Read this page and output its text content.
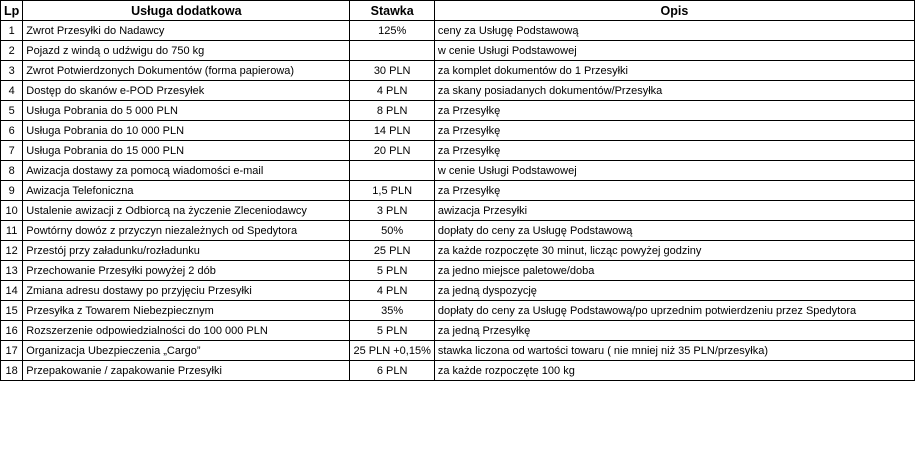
Lp	Usługa dodatkowa	Stawka	Opis
1	Zwrot Przesyłki do Nadawcy	125%	ceny za Usługę Podstawową
2	Pojazd z windą o udźwigu do 750 kg		w cenie Usługi Podstawowej
3	Zwrot Potwierdzonych Dokumentów (forma papierowa)	30 PLN	za komplet dokumentów do 1 Przesyłki
4	Dostęp do skanów e-POD Przesyłek	4 PLN	za skany posiadanych dokumentów/Przesyłka
5	Usługa Pobrania do 5 000 PLN	8 PLN	za Przesyłkę
6	Usługa Pobrania do 10 000 PLN	14 PLN	za Przesyłkę
7	Usługa Pobrania do 15 000 PLN	20 PLN	za Przesyłkę
8	Awizacja dostawy za pomocą wiadomości e-mail		w cenie Usługi Podstawowej
9	Awizacja Telefoniczna	1,5 PLN	za Przesyłkę
10	Ustalenie awizacji z Odbiorcą na życzenie Zleceniodawcy	3 PLN	awizacja Przesyłki
11	Powtórny dowóz z przyczyn niezależnych od Spedytora	50%	dopłaty do ceny za Usługę Podstawową
12	Przestój przy załadunku/rozładunku	25 PLN	za każde rozpoczęte 30 minut, licząc powyżej godziny
13	Przechowanie Przesyłki powyżej 2 dób	5 PLN	za jedno miejsce paletowe/doba
14	Zmiana adresu dostawy po przyjęciu Przesyłki	4 PLN	za jedną dyspozycję
15	Przesyłka z Towarem Niebezpiecznym	35%	dopłaty do ceny za Usługę Podstawową/po uprzednim potwierdzeniu przez Spedytora
16	Rozszerzenie odpowiedzialności do 100 000 PLN	5 PLN	za jedną Przesyłkę
17	Organizacja Ubezpieczenia „Cargo”	25 PLN +0,15%	stawka liczona od wartości towaru ( nie mniej niż 35 PLN/przesyłka)
18	Przepakowanie / zapakowanie Przesyłki	6 PLN	za każde rozpoczęte 100 kg
